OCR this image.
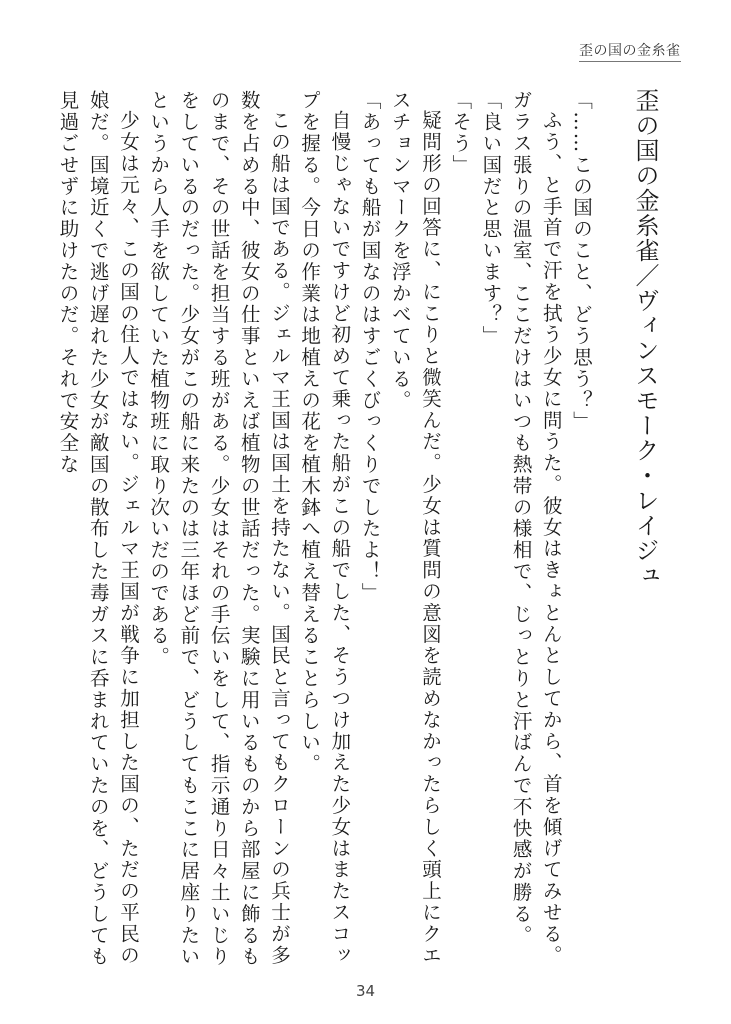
歪の国の金糸雀
歪の国の金糸雀／ヴィンスモーク・レイジュ

「……この国のこと、どう思う？」

ふう、と手首で汗を拭う少女に問うた。彼女はきょとんとしてから、首を傾げてみせる。ガラス張りの温室、ここだけはいつも熱帯の様相で、じっとりと汗ばんで不快感が勝る。

「良い国だと思います？」

「そう」

疑問形の回答に、にこりと微笑んだ。少女は質問の意図を読めなかったらしく頭上にクエスチョンマークを浮かべている。

「あっても船が国なのはすごくびっくりでしたよ！」

自慢じゃないですけど初めて乗った船がこの船でした、そうつけ加えた少女はまたスコップを握る。今日の作業は地植えの花を植木鉢へ植え替えることらしい。

この船は国である。ジェルマ王国は国土を持たない。国民と言ってもクローンの兵士が多数を占める中、彼女の仕事といえば植物の世話だった。実験に用いるものから部屋に飾るものまで、その世話を担当する班がある。少女はそれの手伝いをして、指示通り日々土いじりをしているのだった。少女がこの船に来たのは三年ほど前で、どうしてもここに居座りたいというから人手を欲していた植物班に取り次いだのである。

少女は元々、この国の住人ではない。ジェルマ王国が戦争に加担した国の、ただの平民の娘だ。国境近くで逃げ遅れた少女が敵国の散布した毒ガスに呑まれていたのを、どうしても見過ごせずに助けたのだ。それで安全な

34
